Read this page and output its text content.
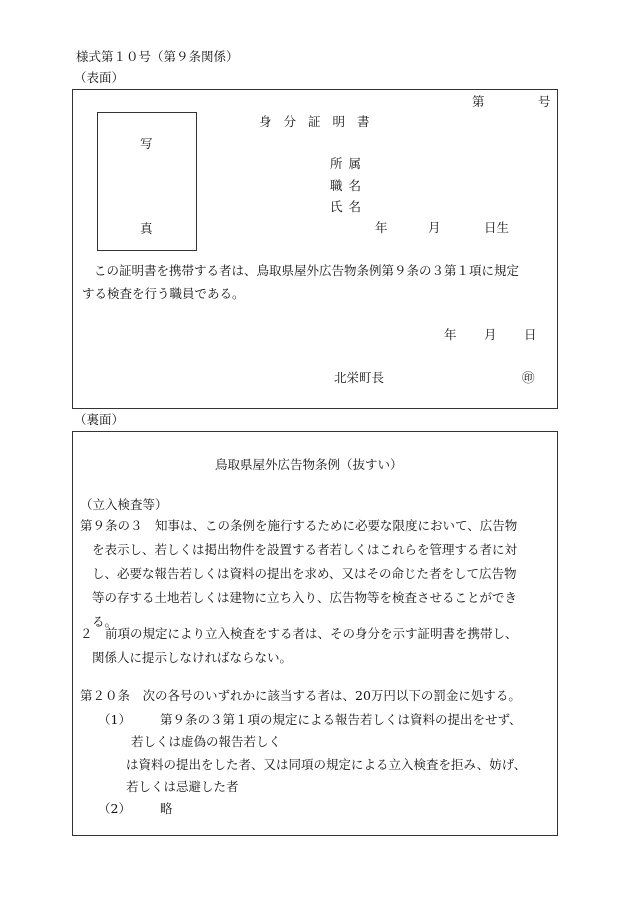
様式第１０号（第９条関係）
（表面）
第	号
身分証明書
写
真
所属
職名
氏名
年	月	日生
この証明書を携帯する者は、鳥取県屋外広告物条例第９条の３第１項に規定
する検査を行う職員である。
年 月 日
北栄町長	㊞
（裏面）
鳥取県屋外広告物条例（抜すい）
（立入検査等）
第９条の３　知事は、この条例を施行するために必要な限度において、広告物
を表示し、若しくは掲出物件を設置する者若しくはこれらを管理する者に対
し、必要な報告若しくは資料の提出を求め、又はその命じた者をして広告物
等の存する土地若しくは建物に立ち入り、広告物等を検査させることができ
る。
２　前項の規定により立入検査をする者は、その身分を示す証明書を携帯し、
関係人に提示しなければならない。
第２０条　次の各号のいずれかに該当する者は、20万円以下の罰金に処する。
（1） 第９条の３第１項の規定による報告若しくは資料の提出をせず、
若しくは虚偽の報告若しく
は資料の提出をした者、又は同項の規定による立入検査を拒み、妨げ、
若しくは忌避した者
（2） 略
